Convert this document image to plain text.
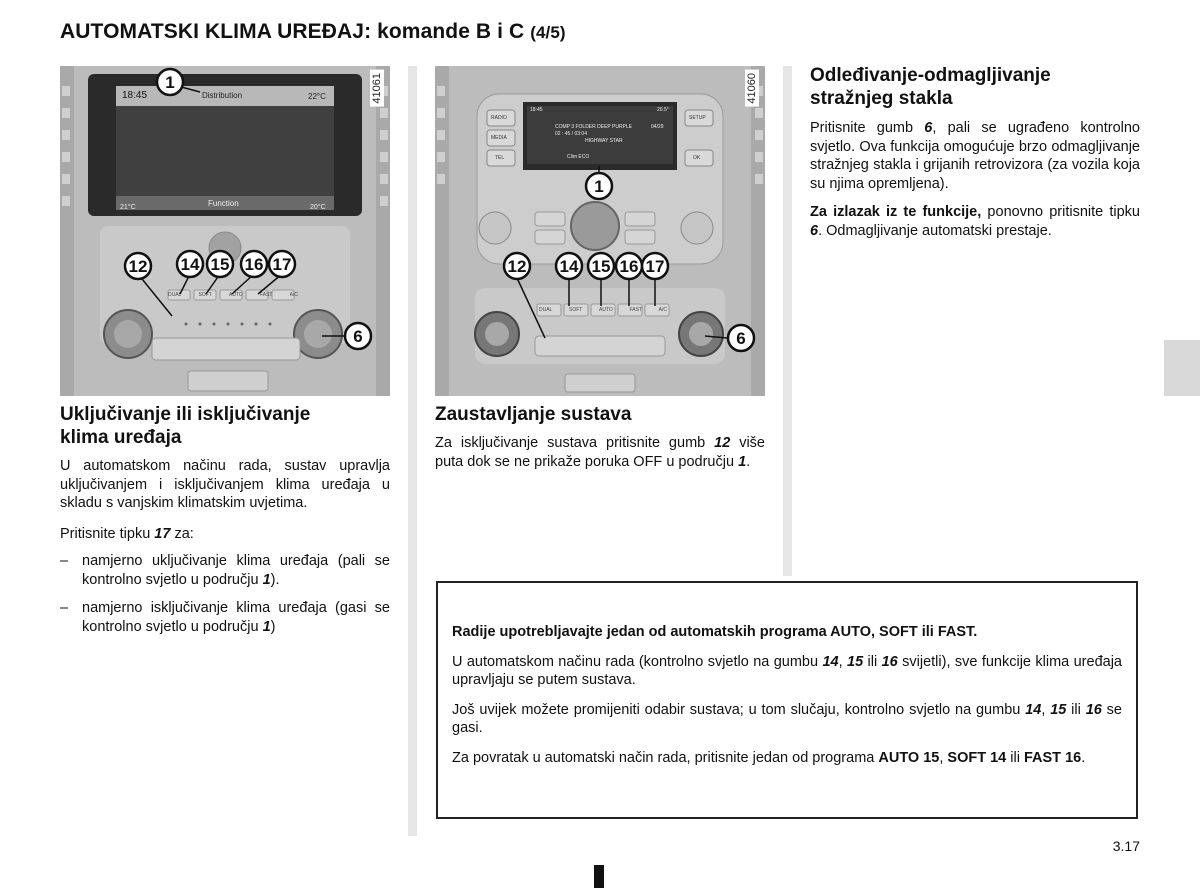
AUTOMATSKI KLIMA UREĐAJ: komande B i C (4/5)
18:45	Distribution	22°C
Function
21°C	20°C
DUAL	SOFT	AUTO	FAST	A/C
1
12 14 15 16 17
6
41061
18:45	20.5°
COMP 3 FOLDER DEEP PURPLE	04/29
02 : 45 / 03:04
HIGHWAY STAR
Clim ECO
RADIO
MEDIA
TEL
SETUP
OK
DUAL	SOFT	AUTO	FAST	A/C
1
12 14 15 16 17
6
41060
Uključivanje ili isključivanje klima uređaja

U automatskom načinu rada, sustav upravlja uključivanjem i isključivanjem klima uređaja u skladu s vanjskim klimatskim uvjetima.

Pritisnite tipku 17 za:

– namjerno uključivanje klima uređaja (pali se kontrolno svjetlo u području 1).
– namjerno isključivanje klima uređaja (gasi se kontrolno svjetlo u području 1)
Zaustavljanje sustava

Za isključivanje sustava pritisnite gumb 12 više puta dok se ne prikaže poruka OFF u području 1.

Odleđivanje-odmagljivanje stražnjeg stakla

Pritisnite gumb 6, pali se ugrađeno kontrolno svjetlo. Ova funkcija omogućuje brzo odmagljivanje stražnjeg stakla i grijanih retrovizora (za vozila koja su njima opremljena).

Za izlazak iz te funkcije, ponovno pritisnite tipku 6. Odmagljivanje automatski prestaje.

Radije upotrebljavajte jedan od automatskih programa AUTO, SOFT ili FAST.

U automatskom načinu rada (kontrolno svjetlo na gumbu 14, 15 ili 16 svijetli), sve funkcije klima uređaja upravljaju se putem sustava.

Još uvijek možete promijeniti odabir sustava; u tom slučaju, kontrolno svjetlo na gumbu 14, 15 ili 16 se gasi.

Za povratak u automatski način rada, pritisnite jedan od programa AUTO 15, SOFT 14 ili FAST 16.

3.17
